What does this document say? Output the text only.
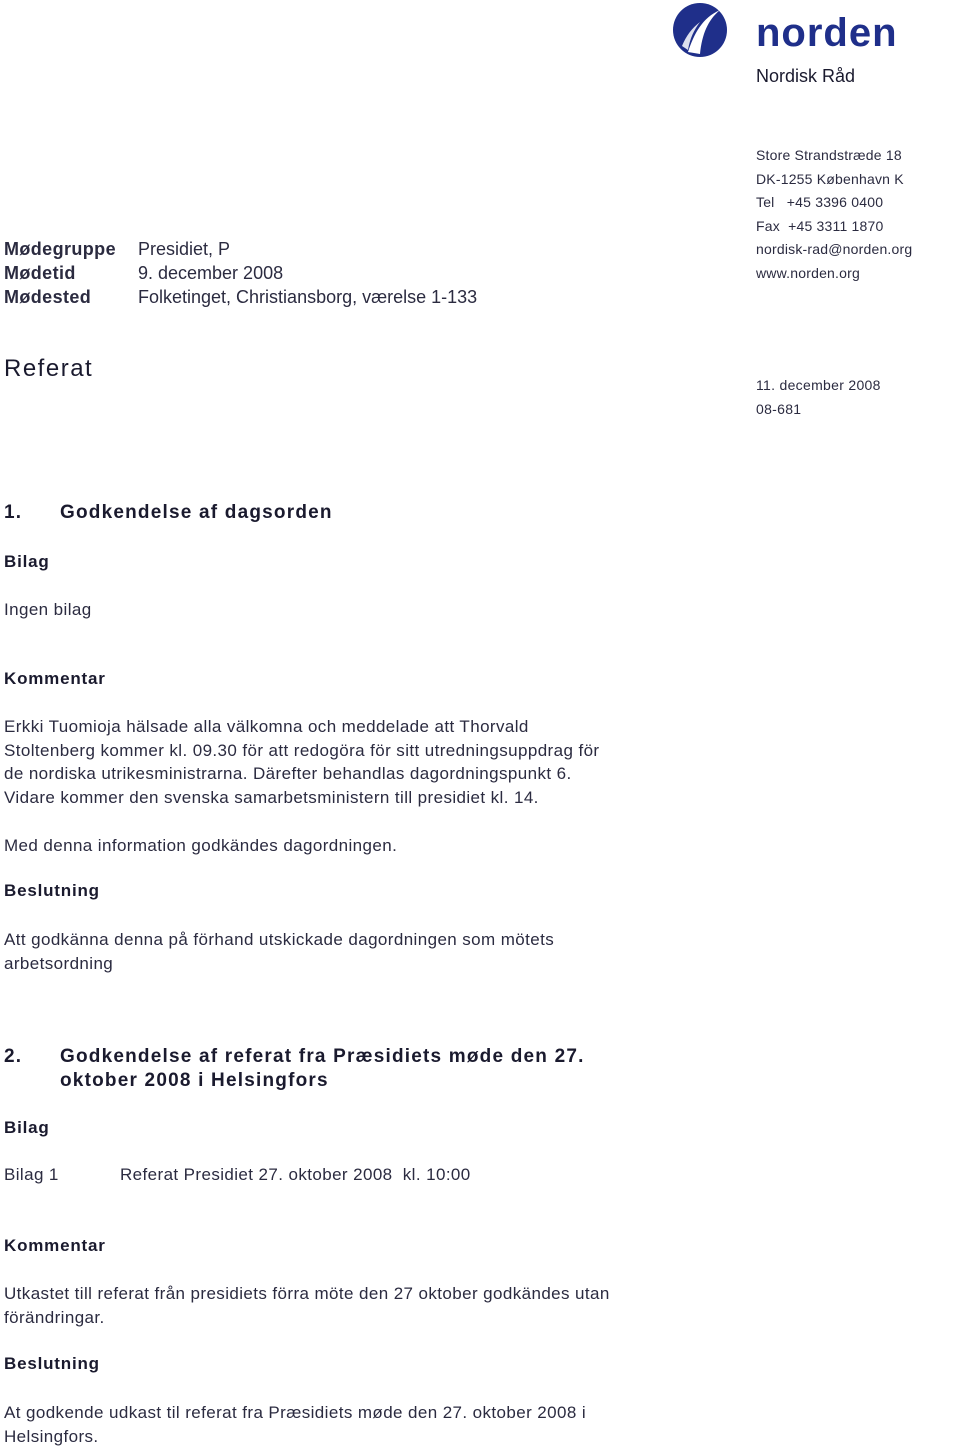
norden
Nordisk Råd
Store Strandstræde 18
DK-1255 København K
Tel   +45 3396 0400
Fax  +45 3311 1870
nordisk-rad@norden.org
www.norden.org
Mødegruppe Presidiet, P
Mødetid	9. december 2008
Mødested	Folketinget, Christiansborg, værelse 1-133
Referat
11. december 2008
08-681
1. Godkendelse af dagsorden
Bilag
Ingen bilag
Kommentar
Erkki Tuomioja hälsade alla välkomna och meddelade att Thorvald
Stoltenberg kommer kl. 09.30 för att redogöra för sitt utredningsuppdrag för
de nordiska utrikesministrarna. Därefter behandlas dagordningspunkt 6.
Vidare kommer den svenska samarbetsministern till presidiet kl. 14.
Med denna information godkändes dagordningen.
Beslutning
Att godkänna denna på förhand utskickade dagordningen som mötets
arbetsordning
2. Godkendelse af referat fra Præsidiets møde den 27.
oktober 2008 i Helsingfors
Bilag
Bilag 1	Referat Presidiet 27. oktober 2008  kl. 10:00
Kommentar
Utkastet till referat från presidiets förra möte den 27 oktober godkändes utan
förändringar.
Beslutning
At godkende udkast til referat fra Præsidiets møde den 27. oktober 2008 i
Helsingfors.
